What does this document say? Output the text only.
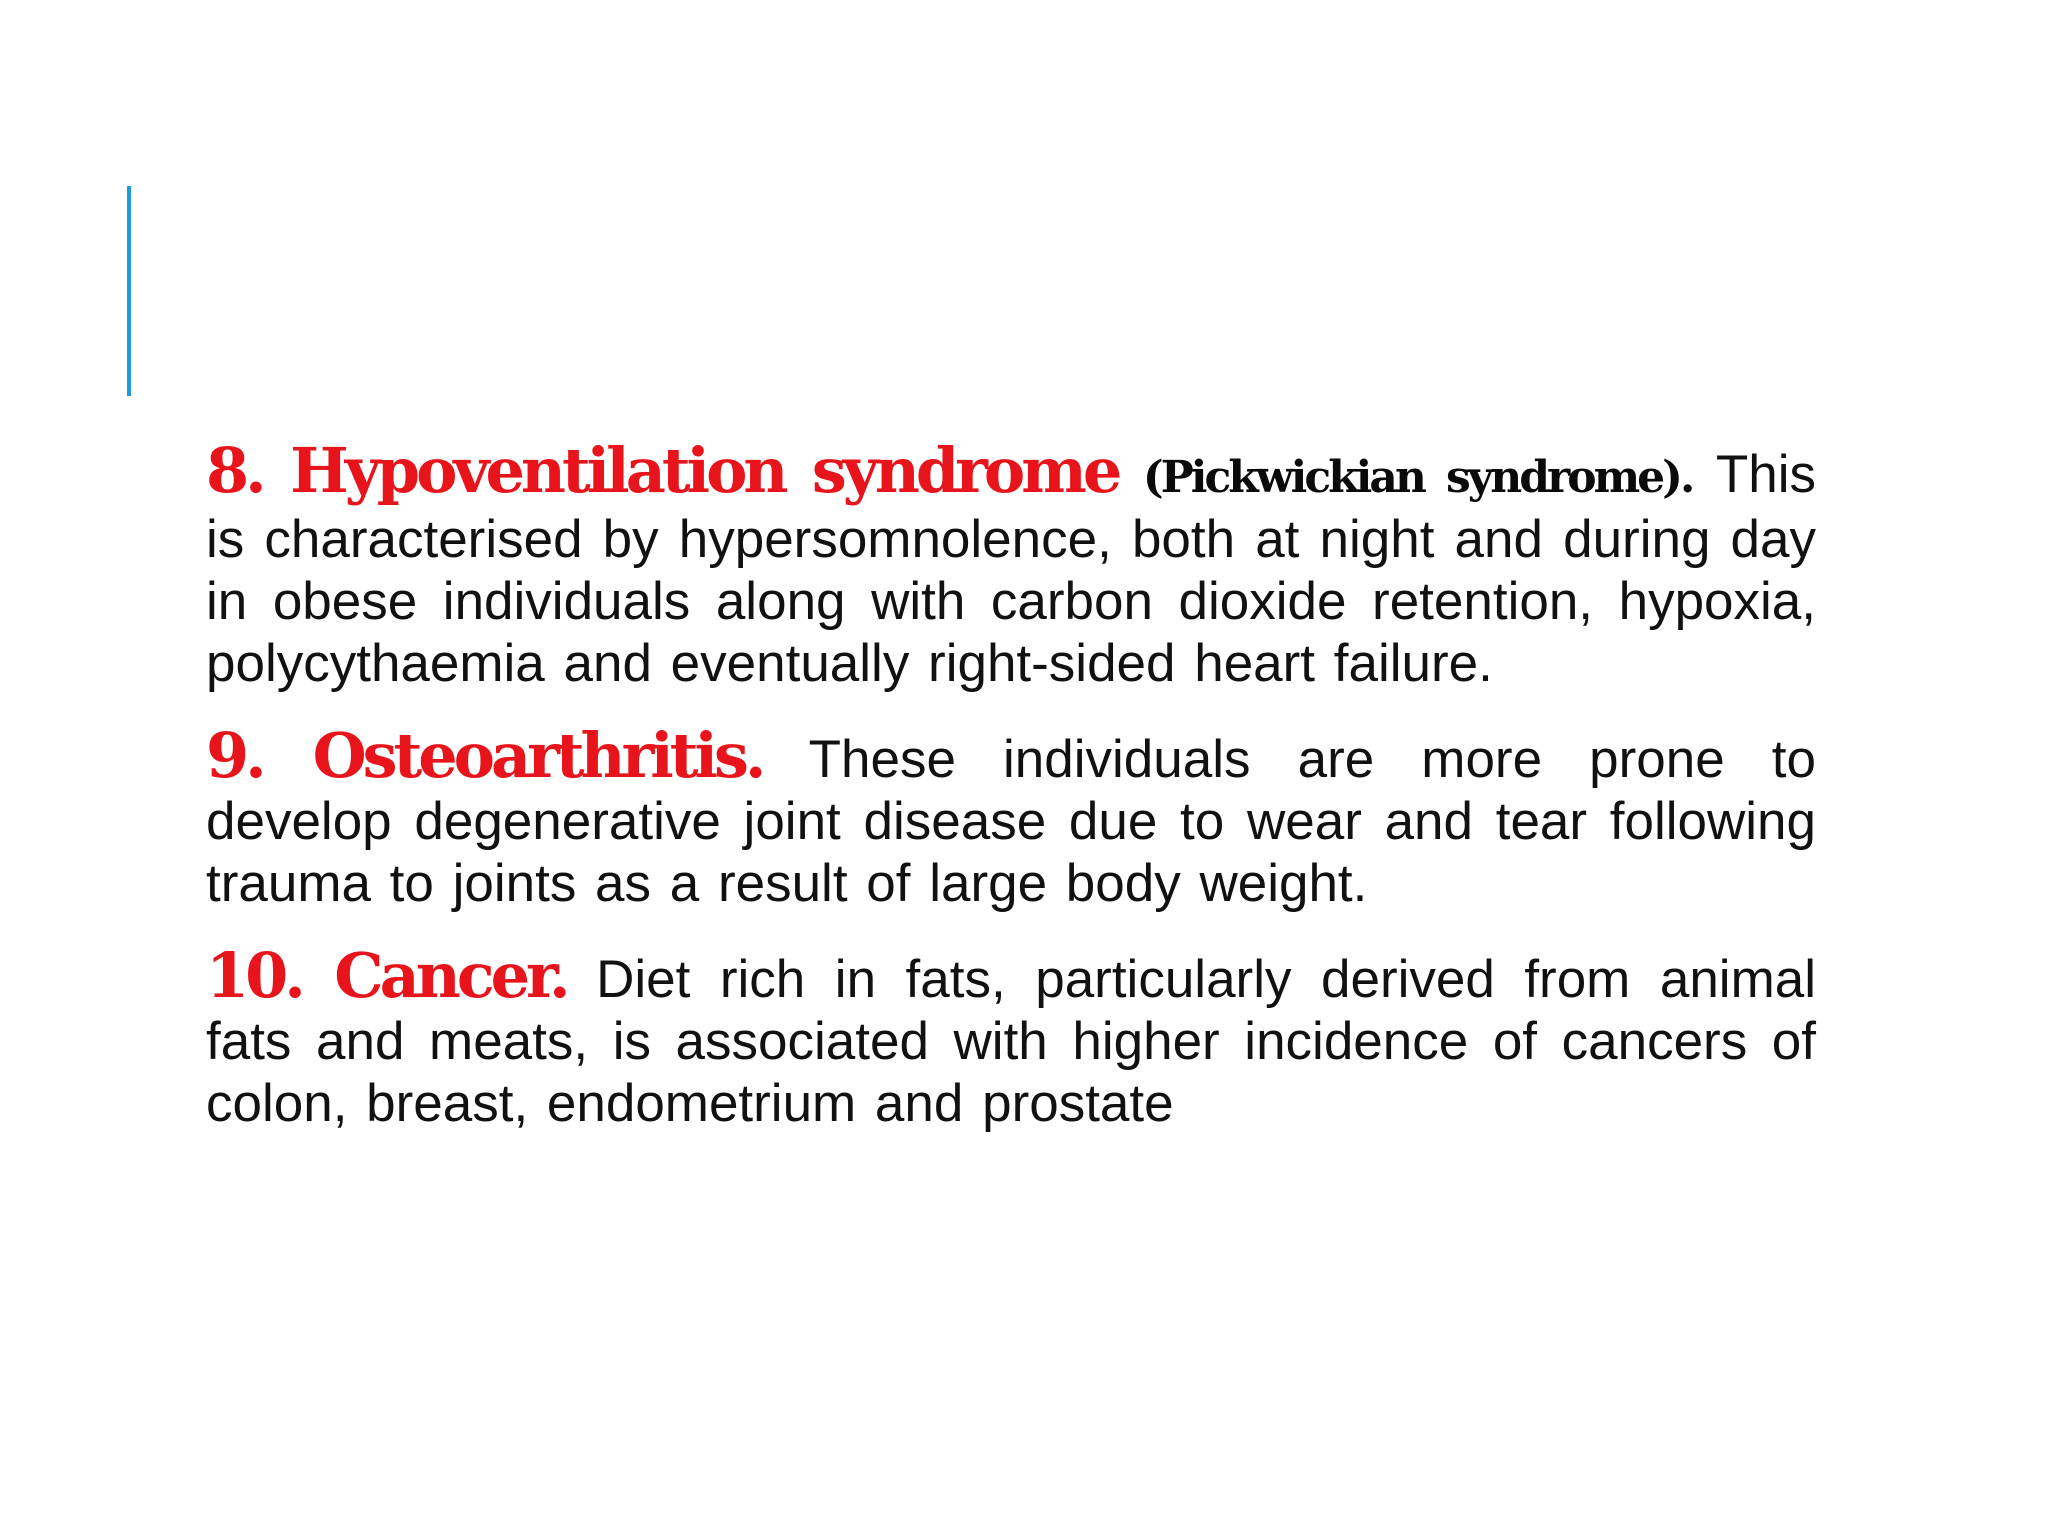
8. Hypoventilation syndrome (Pickwickian syndrome). This is characterised by hypersomnolence, both at night and during day in obese individuals along with carbon dioxide retention, hypoxia, polycythaemia and eventually right-sided heart failure.

9. Osteoarthritis. These individuals are more prone to develop degenerative joint disease due to wear and tear following trauma to joints as a result of large body weight.

10. Cancer. Diet rich in fats, particularly derived from animal fats and meats, is associated with higher incidence of cancers of colon, breast, endometrium and prostate
